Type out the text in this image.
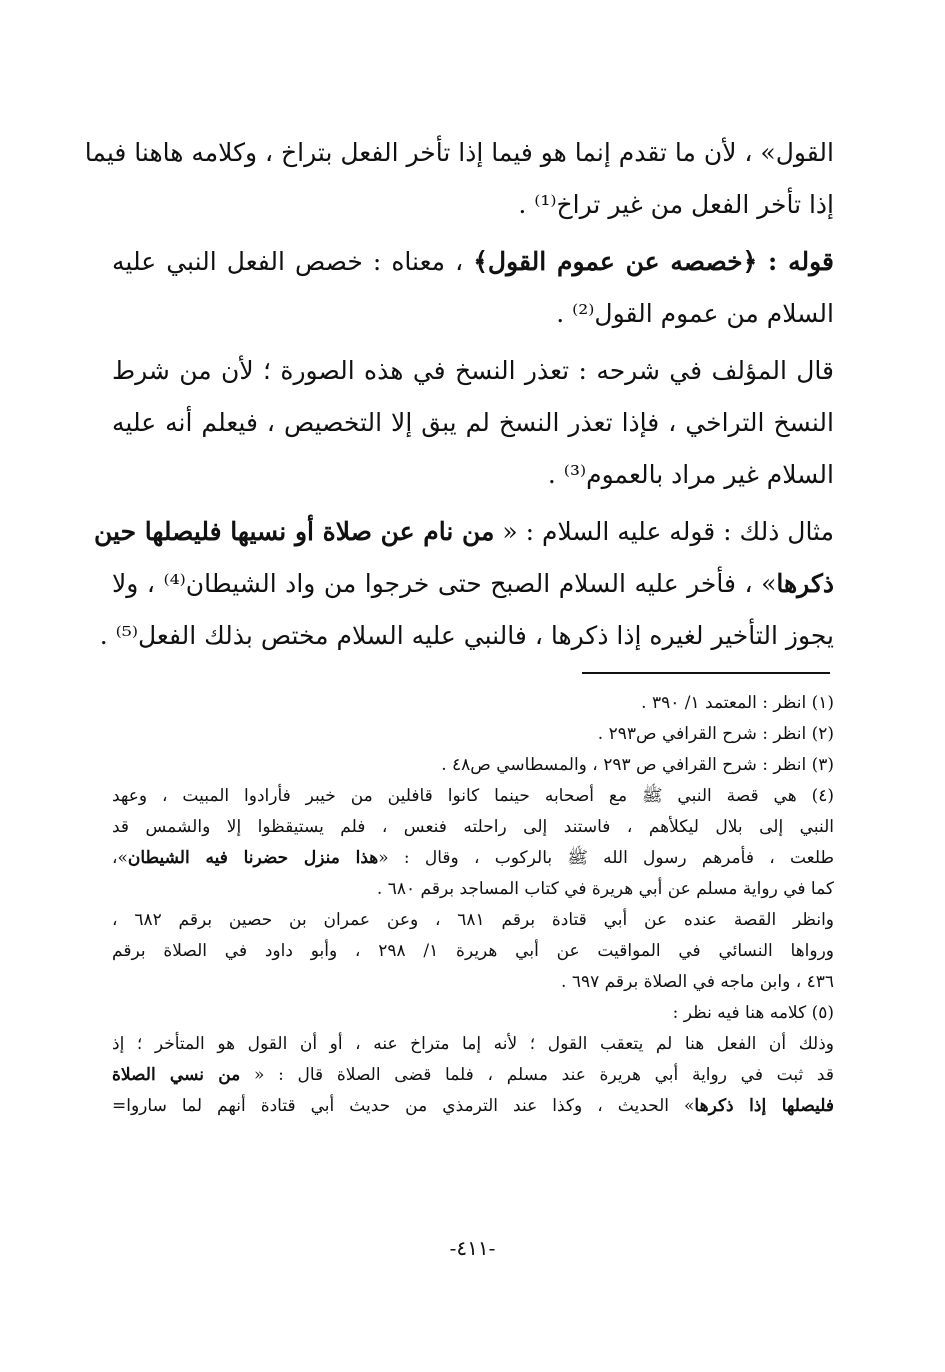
القول» ، لأن ما تقدم إنما هو فيما إذا تأخر الفعل بتراخ ، وكلامه هاهنا فيما
إذا تأخر الفعل من غير تراخ⁽¹⁾ .
قوله : ﴿خصصه عن عموم القول﴾ ، معناه : خصص الفعل النبي عليه
السلام من عموم القول⁽²⁾ .
قال المؤلف في شرحه : تعذر النسخ في هذه الصورة ؛ لأن من شرط
النسخ التراخي ، فإذا تعذر النسخ لم يبق إلا التخصيص ، فيعلم أنه عليه
السلام غير مراد بالعموم⁽³⁾ .
مثال ذلك : قوله عليه السلام : « من نام عن صلاة أو نسيها فليصلها حين
ذكرها» ، فأخر عليه السلام الصبح حتى خرجوا من واد الشيطان⁽⁴⁾ ، ولا
يجوز التأخير لغيره إذا ذكرها ، فالنبي عليه السلام مختص بذلك الفعل⁽⁵⁾ .
(١) انظر : المعتمد ١/ ٣٩٠ .
(٢) انظر : شرح القرافي ص٢٩٣ .
(٣) انظر : شرح القرافي ص ٢٩٣ ، والمسطاسي ص٤٨ .
(٤) هي قصة النبي ﷺ مع أصحابه حينما كانوا قافلين من خيبر فأرادوا المبيت ، وعهد
النبي إلى بلال ليكلأهم ، فاستند إلى راحلته فنعس ، فلم يستيقظوا إلا والشمس قد
طلعت ، فأمرهم رسول الله ﷺ بالركوب ، وقال : «هذا منزل حضرنا فيه الشيطان»،
كما في رواية مسلم عن أبي هريرة في كتاب المساجد برقم ٦٨٠ .
وانظر القصة عنده عن أبي قتادة برقم ٦٨١ ، وعن عمران بن حصين برقم ٦٨٢ ،
ورواها النسائي في المواقيت عن أبي هريرة ١/ ٢٩٨ ، وأبو داود في الصلاة برقم
٤٣٦ ، وابن ماجه في الصلاة برقم ٦٩٧ .
(٥) كلامه هنا فيه نظر :
وذلك أن الفعل هنا لم يتعقب القول ؛ لأنه إما متراخ عنه ، أو أن القول هو المتأخر ؛ إذ
قد ثبت في رواية أبي هريرة عند مسلم ، فلما قضى الصلاة قال : « من نسي الصلاة
فليصلها إذا ذكرها» الحديث ، وكذا عند الترمذي من حديث أبي قتادة أنهم لما ساروا=
-٤١١-
